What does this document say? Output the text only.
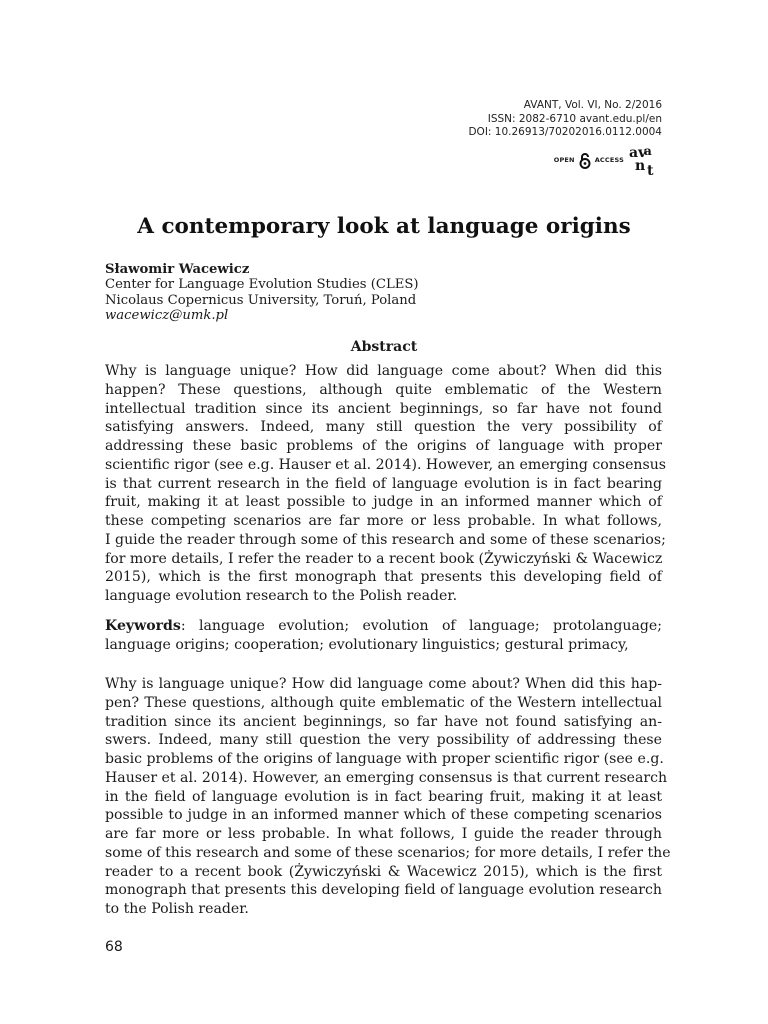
AVANT, Vol. VI, No. 2/2016
ISSN: 2082-6710 avant.edu.pl/en
DOI: 10.26913/70202016.0112.0004
OPEN	ACCESS av
a
n t
A contemporary look at language origins
Sławomir Wacewicz
Center for Language Evolution Studies (CLES)
Nicolaus Copernicus University, Toruń, Poland
wacewicz@umk.pl
Abstract
Why is language unique? How did language come about? When did this
happen? These questions, although quite emblematic of the Western
intellectual tradition since its ancient beginnings, so far have not found
satisfying answers. Indeed, many still question the very possibility of
addressing these basic problems of the origins of language with proper
scientific rigor (see e.g. Hauser et al. 2014). However, an emerging consensus
is that current research in the field of language evolution is in fact bearing
fruit, making it at least possible to judge in an informed manner which of
these competing scenarios are far more or less probable. In what follows,
I guide the reader through some of this research and some of these scenarios;
for more details, I refer the reader to a recent book (Żywiczyński & Wacewicz
2015), which is the first monograph that presents this developing field of
language evolution research to the Polish reader.
Keywords: language evolution; evolution of language; protolanguage;
language origins; cooperation; evolutionary linguistics; gestural primacy,
Why is language unique? How did language come about? When did this hap-
pen? These questions, although quite emblematic of the Western intellectual
tradition since its ancient beginnings, so far have not found satisfying an-
swers. Indeed, many still question the very possibility of addressing these
basic problems of the origins of language with proper scientific rigor (see e.g.
Hauser et al. 2014). However, an emerging consensus is that current research
in the field of language evolution is in fact bearing fruit, making it at least
possible to judge in an informed manner which of these competing scenarios
are far more or less probable. In what follows, I guide the reader through
some of this research and some of these scenarios; for more details, I refer the
reader to a recent book (Żywiczyński & Wacewicz 2015), which is the first
monograph that presents this developing field of language evolution research
to the Polish reader.
68
